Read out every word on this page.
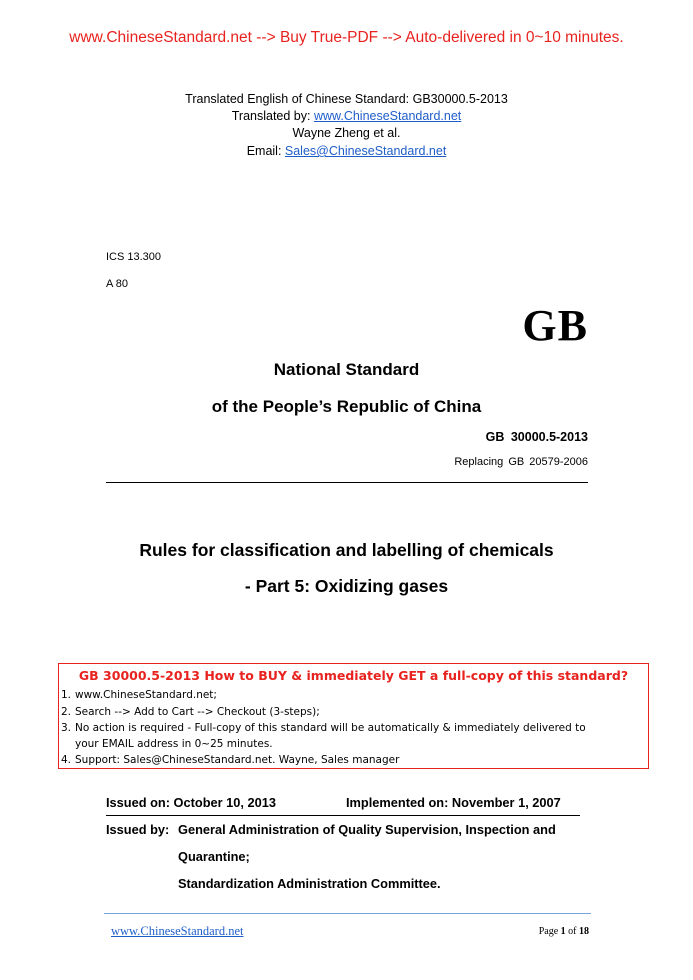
www.ChineseStandard.net --> Buy True-PDF --> Auto-delivered in 0~10 minutes.
Translated English of Chinese Standard: GB30000.5-2013
Translated by: www.ChineseStandard.net
Wayne Zheng et al.
Email: Sales@ChineseStandard.net
ICS 13.300
A 80
GB
National Standard
of the People’s Republic of China
GB 30000.5-2013
Replacing GB 20579-2006
Rules for classification and labelling of chemicals
- Part 5: Oxidizing gases
GB 30000.5-2013 How to BUY & immediately GET a full-copy of this standard?
1. www.ChineseStandard.net;
2. Search --> Add to Cart --> Checkout (3-steps);
3. No action is required - Full-copy of this standard will be automatically & immediately delivered to
your EMAIL address in 0~25 minutes.
4. Support: Sales@ChineseStandard.net. Wayne, Sales manager
Issued on: October 10, 2013	Implemented on: November 1, 2007
Issued by: General Administration of Quality Supervision, Inspection and
Quarantine;
Standardization Administration Committee.
www.ChineseStandard.net	Page 1 of 18
